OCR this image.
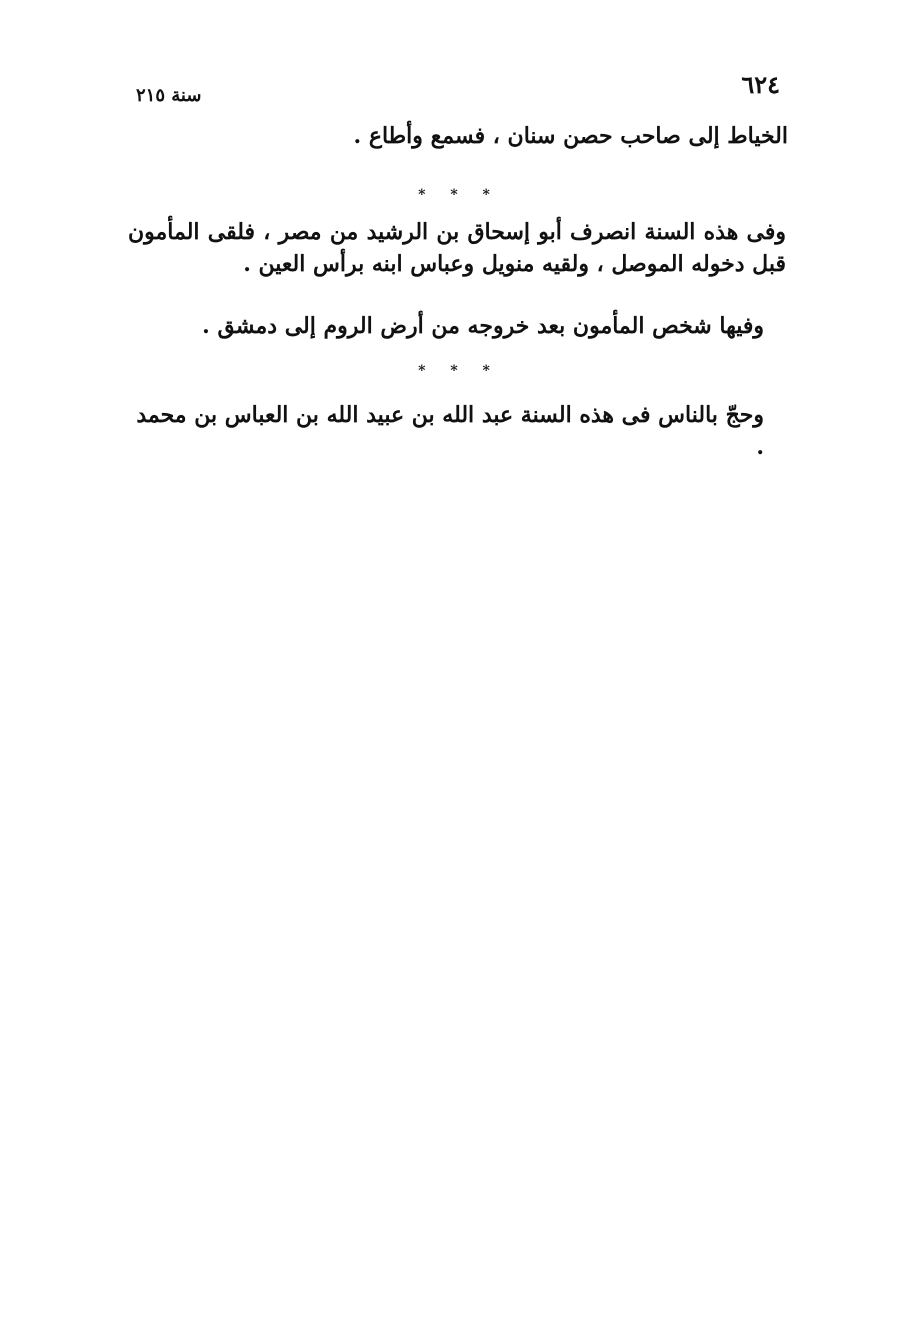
٦٢٤
سنة ٢١٥
الخياط إلى صاحب حصن سنان ، فسمع وأطاع .
* * *
وفى هذه السنة انصرف أبو إسحاق بن الرشيد من مصر ، فلقى المأمون قبل دخوله الموصل ، ولقيه منويل وعباس ابنه برأس العين .
وفيها شخص المأمون بعد خروجه من أرض الروم إلى دمشق .
* * *
وحجّ بالناس فى هذه السنة عبد الله بن عبيد الله بن العباس بن محمد .
